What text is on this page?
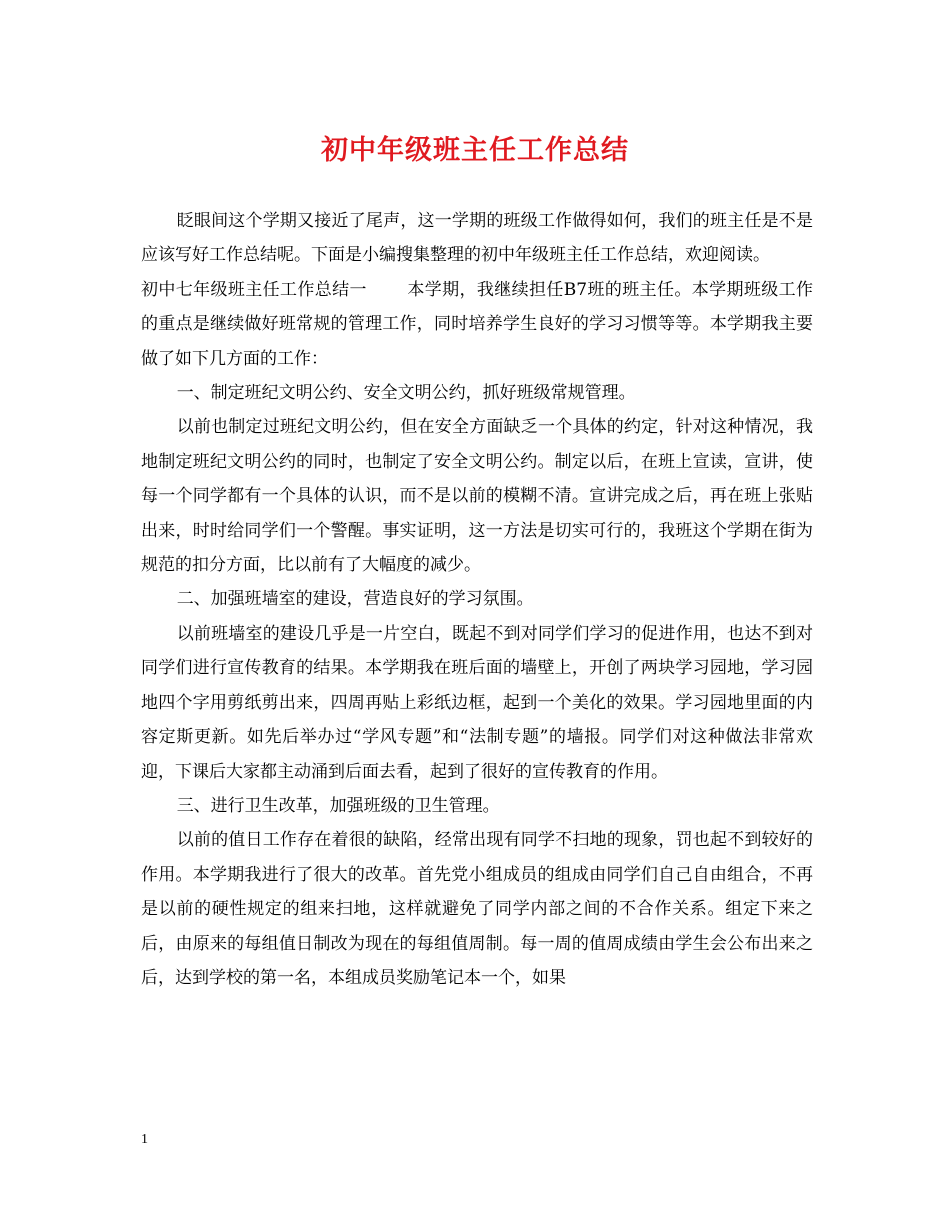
初中年级班主任工作总结

眨眼间这个学期又接近了尾声，这一学期的班级工作做得如何，我们的班主任是不是应该写好工作总结呢。下面是小编搜集整理的初中年级班主任工作总结，欢迎阅读。

初中七年级班主任工作总结一 本学期，我继续担任B7班的班主任。本学期班级工作的重点是继续做好班常规的管理工作，同时培养学生良好的学习习惯等等。本学期我主要做了如下几方面的工作：

一、制定班纪文明公约、安全文明公约，抓好班级常规管理。

以前也制定过班纪文明公约，但在安全方面缺乏一个具体的约定，针对这种情况，我地制定班纪文明公约的同时，也制定了安全文明公约。制定以后，在班上宣读，宣讲，使每一个同学都有一个具体的认识，而不是以前的模糊不清。宣讲完成之后，再在班上张贴出来，时时给同学们一个警醒。事实证明，这一方法是切实可行的，我班这个学期在街为规范的扣分方面，比以前有了大幅度的减少。

二、加强班墙室的建设，营造良好的学习氛围。

以前班墙室的建设几乎是一片空白，既起不到对同学们学习的促进作用，也达不到对同学们进行宣传教育的结果。本学期我在班后面的墙壁上，开创了两块学习园地，学习园地四个字用剪纸剪出来，四周再贴上彩纸边框，起到一个美化的效果。学习园地里面的内容定斯更新。如先后举办过“学风专题”和“法制专题”的墙报。同学们对这种做法非常欢迎，下课后大家都主动涌到后面去看，起到了很好的宣传教育的作用。

三、进行卫生改革，加强班级的卫生管理。

以前的值日工作存在着很的缺陷，经常出现有同学不扫地的现象，罚也起不到较好的作用。本学期我进行了很大的改革。首先党小组成员的组成由同学们自己自由组合，不再是以前的硬性规定的组来扫地，这样就避免了同学内部之间的不合作关系。组定下来之后，由原来的每组值日制改为现在的每组值周制。每一周的值周成绩由学生会公布出来之后，达到学校的第一名，本组成员奖励笔记本一个，如果

1
